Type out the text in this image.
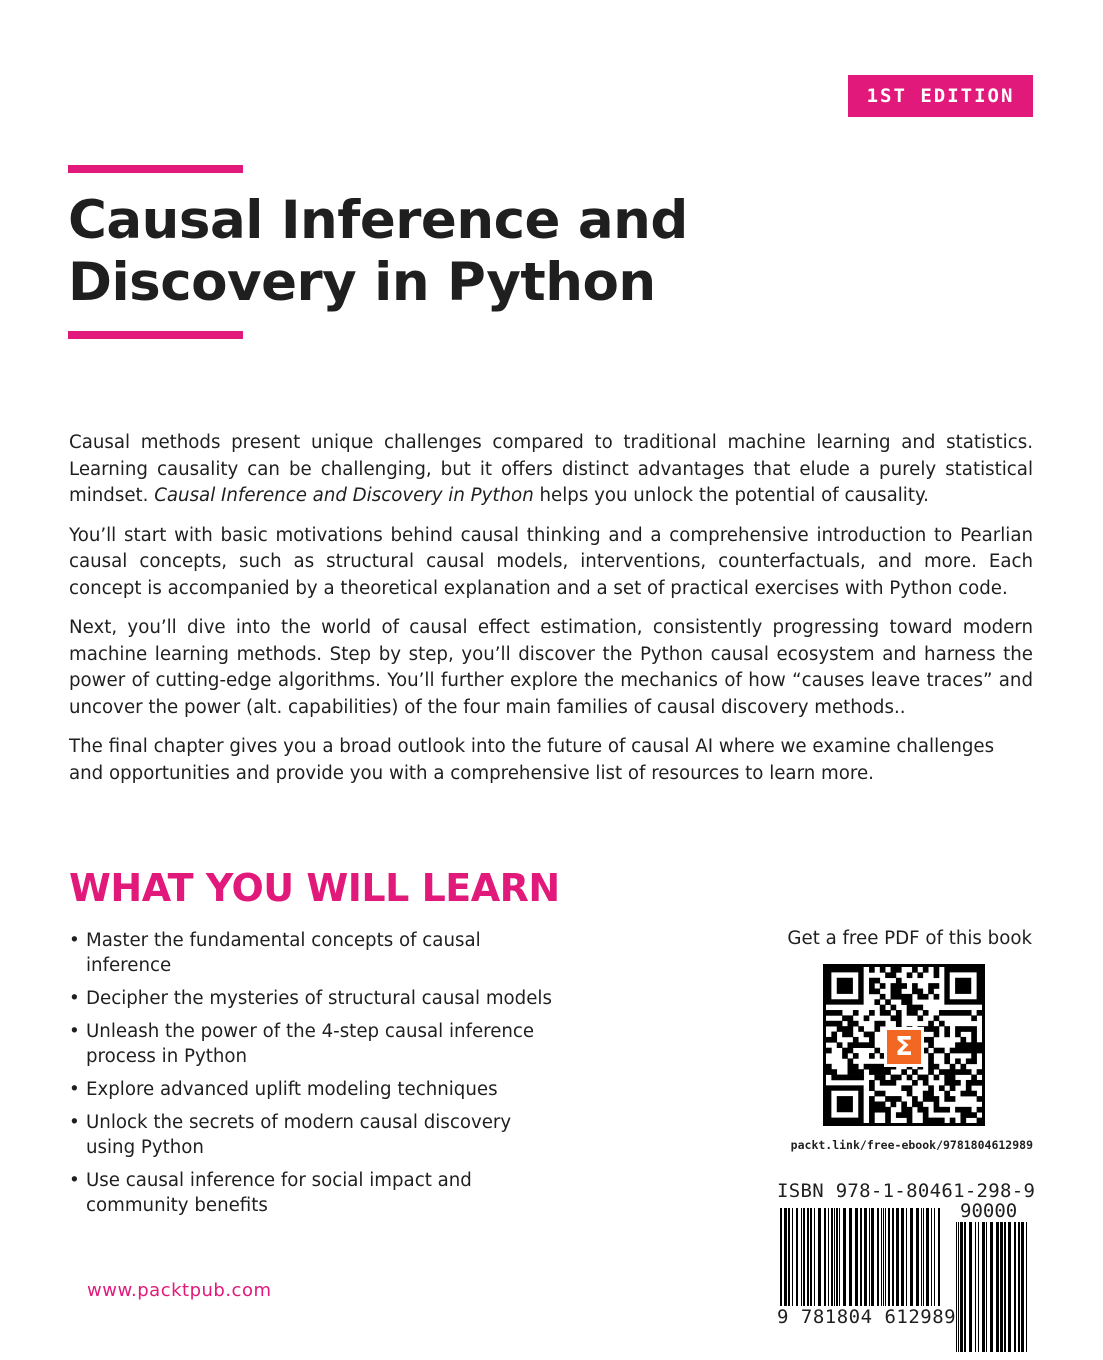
1ST EDITION
Causal Inference and
Discovery in Python

Causal methods present unique challenges compared to traditional machine learning and statistics. Learning causality can be challenging, but it offers distinct advantages that elude a purely statistical mindset. Causal Inference and Discovery in Python helps you unlock the potential of causality.

You’ll start with basic motivations behind causal thinking and a comprehensive introduction to Pearlian causal concepts, such as structural causal models, interventions, counterfactuals, and more. Each concept is accompanied by a theoretical explanation and a set of practical exercises with Python code.

Next, you’ll dive into the world of causal effect estimation, consistently progressing toward modern machine learning methods. Step by step, you’ll discover the Python causal ecosystem and harness the power of cutting-edge algorithms. You’ll further explore the mechanics of how “causes leave traces” and uncover the power (alt. capabilities) of the four main families of causal discovery methods..

The final chapter gives you a broad outlook into the future of causal AI where we examine challenges and opportunities and provide you with a comprehensive list of resources to learn more.

WHAT YOU WILL LEARN
• Master the fundamental concepts of causal inference
• Decipher the mysteries of structural causal models
• Unleash the power of the 4-step causal inference process in Python
• Explore advanced uplift modeling techniques
• Unlock the secrets of modern causal discovery using Python
• Use causal inference for social impact and community benefits
www.packtpub.com
Get a free PDF of this book
Σ
packt.link/free-ebook/9781804612989
ISBN 978-1-80461-298-9
90000
9 781804 612989
